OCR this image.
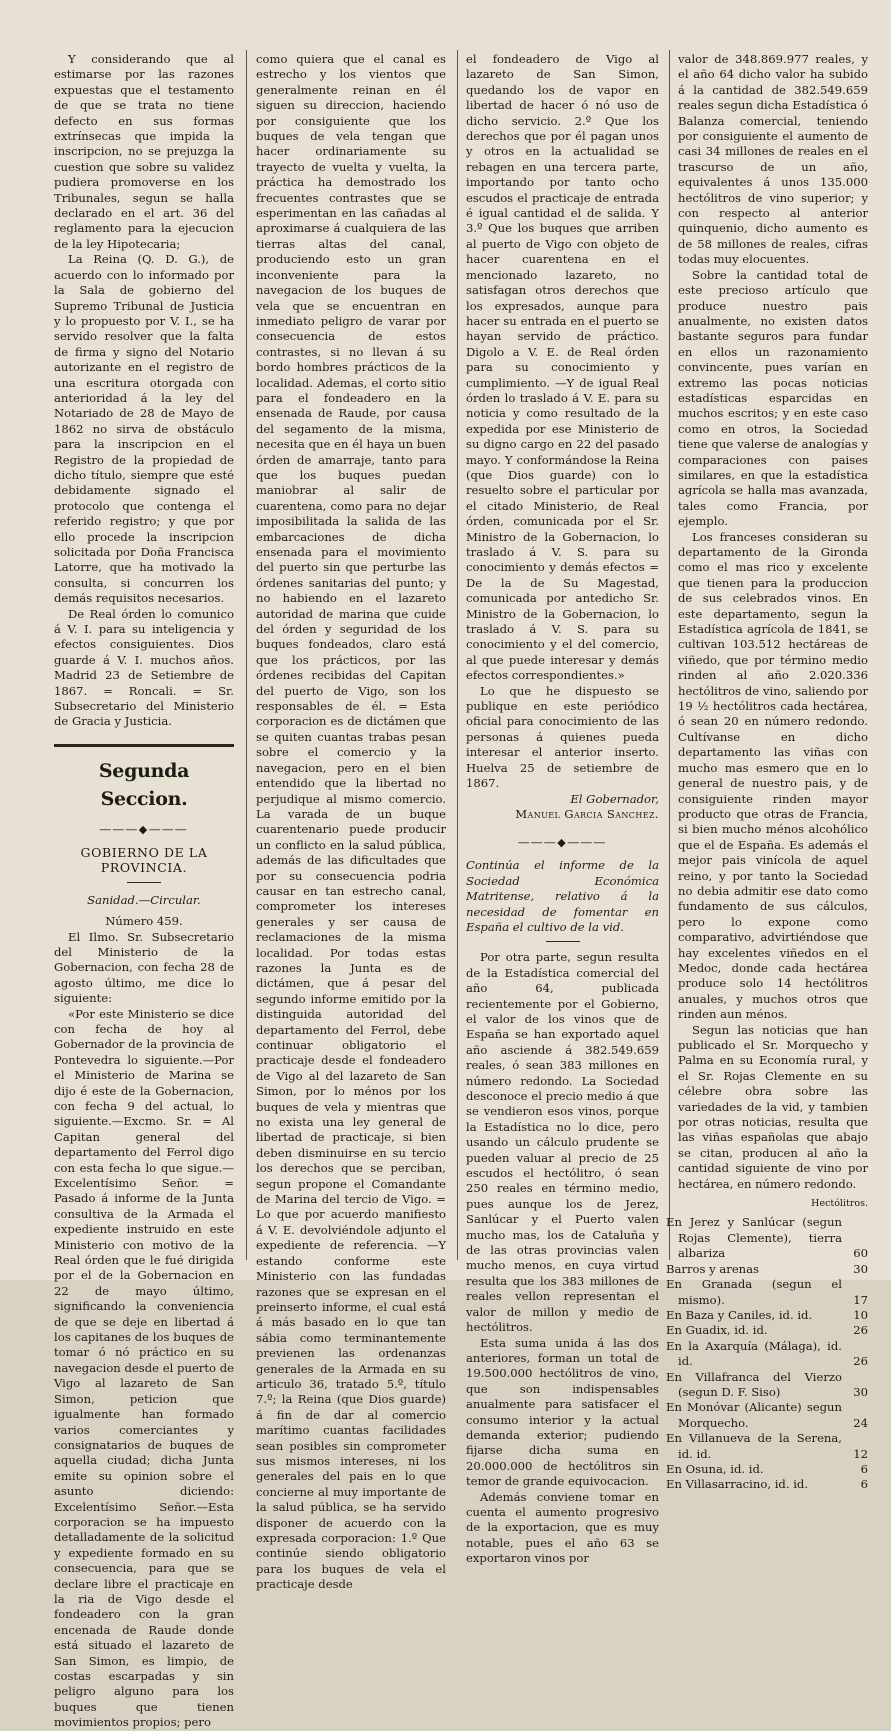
Y considerando que al estimarse por las razones expuestas que el testamento de que se trata no tiene defecto en sus formas extrínsecas que impida la inscripcion, no se prejuzga la cuestion que sobre su validez pudiera promoverse en los Tribunales, segun se halla declarado en el art. 36 del reglamento para la ejecucion de la ley Hipotecaria;

La Reina (Q. D. G.), de acuerdo con lo informado por la Sala de gobierno del Supremo Tribunal de Justicia y lo propuesto por V. I., se ha servido resolver que la falta de firma y signo del Notario autorizante en el registro de una escritura otorgada con anterioridad á la ley del Notariado de 28 de Mayo de 1862 no sirva de obstáculo para la inscripcion en el Registro de la propiedad de dicho título, siempre que esté debidamente signado el protocolo que contenga el referido registro; y que por ello procede la inscripcion solicitada por Doña Francisca Latorre, que ha motivado la consulta, si concurren los demás requisitos necesarios.

De Real órden lo comunico á V. I. para su inteligencia y efectos consiguientes. Dios guarde á V. I. muchos años. Madrid 23 de Setiembre de 1867. = Roncali. = Sr. Subsecretario del Ministerio de Gracia y Justicia.

Segunda Seccion.
―――◆―――
GOBIERNO DE LA PROVINCIA.

Sanidad.—Circular.

Número 459.

El Ilmo. Sr. Subsecretario del Ministerio de la Gobernacion, con fecha 28 de agosto último, me dice lo siguiente:

«Por este Ministerio se dice con fecha de hoy al Gobernador de la provincia de Pontevedra lo siguiente.—Por el Ministerio de Marina se dijo é este de la Gobernacion, con fecha 9 del actual, lo siguiente.—Excmo. Sr. = Al Capitan general del departamento del Ferrol digo con esta fecha lo que sigue.—Excelentísimo Señor. = Pasado á informe de la Junta consultiva de la Armada el expediente instruido en este Ministerio con motivo de la Real órden que le fué dirigida por el de la Gobernacion en 22 de mayo último, significando la conveniencia de que se deje en libertad á los capitanes de los buques de tomar ó nó práctico en su navegacion desde el puerto de Vigo al lazareto de San Simon, peticion que igualmente han formado varios comerciantes y consignatarios de buques de aquella ciudad; dicha Junta emite su opinion sobre el asunto diciendo: Excelentísimo Señor.—Esta corporacion se ha impuesto detalladamente de la solicitud y expediente formado en su consecuencia, para que se declare libre el practicaje en la ria de Vigo desde el fondeadero con la gran encenada de Raude donde está situado el lazareto de San Simon, es limpio, de costas escarpadas y sin peligro alguno para los buques que tienen movimientos propios; pero

como quiera que el canal es estrecho y los vientos que generalmente reinan en él siguen su direccion, haciendo por consiguiente que los buques de vela tengan que hacer ordinariamente su trayecto de vuelta y vuelta, la práctica ha demostrado los frecuentes contrastes que se esperimentan en las cañadas al aproximarse á cualquiera de las tierras altas del canal, produciendo esto un gran inconveniente para la navegacion de los buques de vela que se encuentran en inmediato peligro de varar por consecuencia de estos contrastes, si no llevan á su bordo hombres prácticos de la localidad. Ademas, el corto sitio para el fondeadero en la ensenada de Raude, por causa del segamento de la misma, necesita que en él haya un buen órden de amarraje, tanto para que los buques puedan maniobrar al salir de cuarentena, como para no dejar imposibilitada la salida de las embarcaciones de dicha ensenada para el movimiento del puerto sin que perturbe las órdenes sanitarias del punto; y no habiendo en el lazareto autoridad de marina que cuide del órden y seguridad de los buques fondeados, claro está que los prácticos, por las órdenes recibidas del Capitan del puerto de Vigo, son los responsables de él. = Esta corporacion es de dictámen que se quiten cuantas trabas pesan sobre el comercio y la navegacion, pero en el bien entendido que la libertad no perjudique al mismo comercio. La varada de un buque cuarentenario puede producir un conflicto en la salud pública, además de las dificultades que por su consecuencia podria causar en tan estrecho canal, comprometer los intereses generales y ser causa de reclamaciones de la misma localidad. Por todas estas razones la Junta es de dictámen, que á pesar del segundo informe emitido por la distinguida autoridad del departamento del Ferrol, debe continuar obligatorio el practicaje desde el fondeadero de Vigo al del lazareto de San Simon, por lo ménos por los buques de vela y mientras que no exista una ley general de libertad de practicaje, si bien deben disminuirse en su tercio los derechos que se perciban, segun propone el Comandante de Marina del tercio de Vigo. = Lo que por acuerdo manifiesto á V. E. devolviéndole adjunto el expediente de referencia. —Y estando conforme este Ministerio con las fundadas razones que se expresan en el preinserto informe, el cual está á más basado en lo que tan sábia como terminantemente previenen las ordenanzas generales de la Armada en su articulo 36, tratado 5.º, título 7.º; la Reina (que Dios guarde) á fin de dar al comercio marítimo cuantas facilidades sean posibles sin comprometer sus mismos intereses, ni los generales del pais en lo que concierne al muy importante de la salud pública, se ha servido disponer de acuerdo con la expresada corporacion: 1.º Que continúe siendo obligatorio para los buques de vela el practicaje desde

el fondeadero de Vigo al lazareto de San Simon, quedando los de vapor en libertad de hacer ó nó uso de dicho servicio. 2.º Que los derechos que por él pagan unos y otros en la actualidad se rebagen en una tercera parte, importando por tanto ocho escudos el practicaje de entrada é igual cantidad el de salida. Y 3.º Que los buques que arriben al puerto de Vigo con objeto de hacer cuarentena en el mencionado lazareto, no satisfagan otros derechos que los expresados, aunque para hacer su entrada en el puerto se hayan servido de práctico. Digolo a V. E. de Real órden para su conocimiento y cumplimiento. —Y de igual Real órden lo traslado á V. E. para su noticia y como resultado de la expedida por ese Ministerio de su digno cargo en 22 del pasado mayo. Y conformándose la Reina (que Dios guarde) con lo resuelto sobre el particular por el citado Ministerio, de Real órden, comunicada por el Sr. Ministro de la Gobernacion, lo traslado á V. S. para su conocimiento y demás efectos = De la de Su Magestad, comunicada por antedicho Sr. Ministro de la Gobernacion, lo traslado á V. S. para su conocimiento y el del comercio, al que puede interesar y demás efectos correspondientes.»

Lo que he dispuesto se publique en este periódico oficial para conocimiento de las personas á quienes pueda interesar el anterior inserto. Huelva 25 de setiembre de 1867.

El Gobernador,

Manuel Garcia Sanchez.

―――◆―――

Continúa el informe de la Sociedad Económica Matritense, relativo á la necesidad de fomentar en España el cultivo de la vid.

Por otra parte, segun resulta de la Estadística comercial del año 64, publicada recientemente por el Gobierno, el valor de los vinos que de España se han exportado aquel año asciende á 382.549.659 reales, ó sean 383 millones en número redondo. La Sociedad desconoce el precio medio á que se vendieron esos vinos, porque la Estadística no lo dice, pero usando un cálculo prudente se pueden valuar al precio de 25 escudos el hectólitro, ó sean 250 reales en término medio, pues aunque los de Jerez, Sanlúcar y el Puerto valen mucho mas, los de Cataluña y de las otras provincias valen mucho menos, en cuya virtud resulta que los 383 millones de reales vellon representan el valor de millon y medio de hectólitros.

Esta suma unida á las dos anteriores, forman un total de 19.500.000 hectólitros de vino, que son indispensables anualmente para satisfacer el consumo interior y la actual demanda exterior; pudiendo fijarse dicha suma en 20.000.000 de hectólitros sin temor de grande equivocacion.

Además conviene tomar en cuenta el aumento progresivo de la exportacion, que es muy notable, pues el año 63 se exportaron vinos por

valor de 348.869.977 reales, y el año 64 dicho valor ha subido á la cantidad de 382.549.659 reales segun dicha Estadística ó Balanza comercial, teniendo por consiguiente el aumento de casi 34 millones de reales en el trascurso de un año, equivalentes á unos 135.000 hectólitros de vino superior; y con respecto al anterior quinquenio, dicho aumento es de 58 millones de reales, cifras todas muy elocuentes.

Sobre la cantidad total de este precioso artículo que produce nuestro pais anualmente, no existen datos bastante seguros para fundar en ellos un razonamiento convincente, pues varían en extremo las pocas noticias estadísticas esparcidas en muchos escritos; y en este caso como en otros, la Sociedad tiene que valerse de analogías y comparaciones con paises similares, en que la estadística agrícola se halla mas avanzada, tales como Francia, por ejemplo.

Los franceses consideran su departamento de la Gironda como el mas rico y excelente que tienen para la produccion de sus celebrados vinos. En este departamento, segun la Estadística agrícola de 1841, se cultivan 103.512 hectáreas de viñedo, que por término medio rinden al año 2.020.336 hectólitros de vino, saliendo por 19 ½ hectólitros cada hectárea, ó sean 20 en número redondo. Cultívanse en dicho departamento las viñas con mucho mas esmero que en lo general de nuestro pais, y de consiguiente rinden mayor producto que otras de Francia, si bien mucho ménos alcohólico que el de España. Es además el mejor pais vinícola de aquel reino, y por tanto la Sociedad no debia admitir ese dato como fundamento de sus cálculos, pero lo expone como comparativo, advirtiéndose que hay excelentes viñedos en el Medoc, donde cada hectárea produce solo 14 hectólitros anuales, y muchos otros que rinden aun ménos.

Segun las noticias que han publicado el Sr. Morquecho y Palma en su Economía rural, y el Sr. Rojas Clemente en su célebre obra sobre las variedades de la vid, y tambien por otras noticias, resulta que las viñas españolas que abajo se citan, producen al año la cantidad siguiente de vino por hectárea, en número redondo.

Hectólitros.
En Jerez y Sanlúcar (segun Rojas Clemente), tierra albariza	60
Barros y arenas	30
En Granada (segun el mismo).	17
En Baza y Caniles, id. id.	10
En Guadix, id. id.	26
En la Axarquía (Málaga), id. id.	26
En Villafranca del Vierzo (segun D. F. Siso)	30
En Monóvar (Alicante) segun Morquecho.	24
En Villanueva de la Serena, id. id.	12
En Osuna, id. id.	6
En Villasarracino, id. id.	6
